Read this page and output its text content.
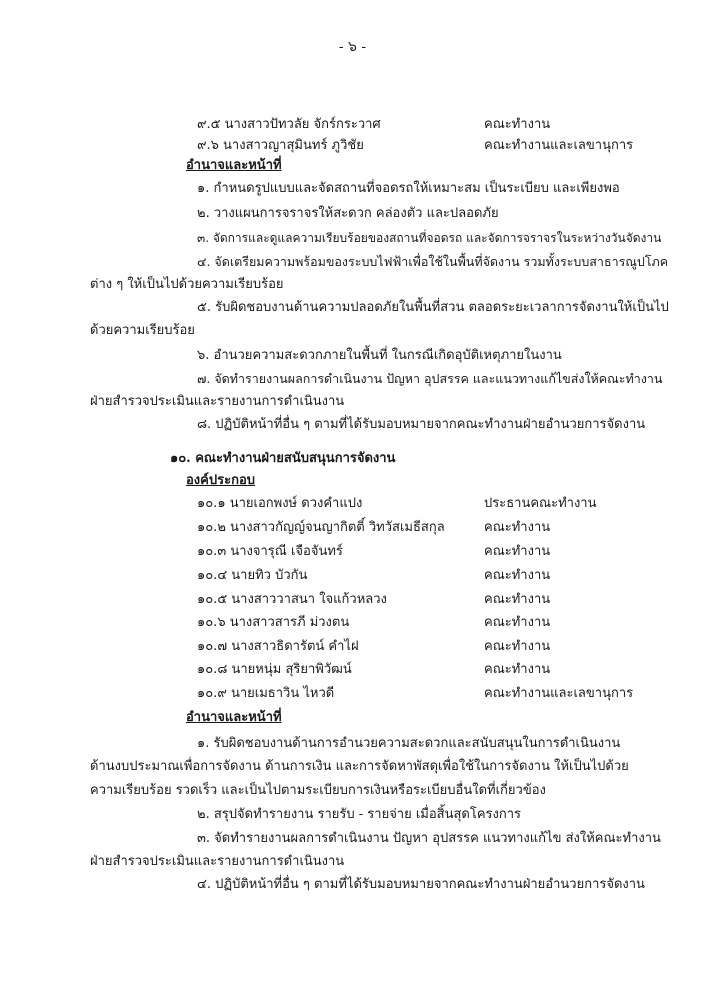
- ๖ -
๙.๕ นางสาวปัทวลัย จักร์กระวาศ	คณะทำงาน
๙.๖ นางสาวญาสุมินทร์ ภูวิชัย	คณะทำงานและเลขานุการ
อำนาจและหน้าที่
๑. กำหนดรูปแบบและจัดสถานที่จอดรถให้เหมาะสม เป็นระเบียบ และเพียงพอ
๒. วางแผนการจราจรให้สะดวก คล่องตัว และปลอดภัย
๓. จัดการและดูแลความเรียบร้อยของสถานที่จอดรถ และจัดการจราจรในระหว่างวันจัดงาน
๔. จัดเตรียมความพร้อมของระบบไฟฟ้าเพื่อใช้ในพื้นที่จัดงาน รวมทั้งระบบสาธารณูปโภค
ต่าง ๆ ให้เป็นไปด้วยความเรียบร้อย
๕. รับผิดชอบงานด้านความปลอดภัยในพื้นที่สวน ตลอดระยะเวลาการจัดงานให้เป็นไป
ด้วยความเรียบร้อย
๖. อำนวยความสะดวกภายในพื้นที่ ในกรณีเกิดอุบัติเหตุภายในงาน
๗. จัดทำรายงานผลการดำเนินงาน ปัญหา อุปสรรค และแนวทางแก้ไขส่งให้คณะทำงาน
ฝ่ายสำรวจประเมินและรายงานการดำเนินงาน
๘. ปฏิบัติหน้าที่อื่น ๆ ตามที่ได้รับมอบหมายจากคณะทำงานฝ่ายอำนวยการจัดงาน
๑๐. คณะทำงานฝ่ายสนับสนุนการจัดงาน
องค์ประกอบ
๑๐.๑ นายเอกพงษ์ ดวงคำแปง	ประธานคณะทำงาน
๑๐.๒ นางสาวกัญญ์จนญากิตติ์ วิทวัสเมธีสกุล	คณะทำงาน
๑๐.๓ นางจารุณี เจือจันทร์	คณะทำงาน
๑๐.๔ นายทิว บัวกัน	คณะทำงาน
๑๐.๕ นางสาววาสนา ใจแก้วหลวง	คณะทำงาน
๑๐.๖ นางสาวสารภี ม่วงตน	คณะทำงาน
๑๐.๗ นางสาวธิดารัตน์ คำไฝ	คณะทำงาน
๑๐.๘ นายหนุ่ม สุริยาพิวัฒน์	คณะทำงาน
๑๐.๙ นายเมธาวิน ไหวดี	คณะทำงานและเลขานุการ
อำนาจและหน้าที่
๑. รับผิดชอบงานด้านการอำนวยความสะดวกและสนับสนุนในการดำเนินงาน
ด้านงบประมาณเพื่อการจัดงาน ด้านการเงิน และการจัดหาพัสดุเพื่อใช้ในการจัดงาน ให้เป็นไปด้วย
ความเรียบร้อย รวดเร็ว และเป็นไปตามระเบียบการเงินหรือระเบียบอื่นใดที่เกี่ยวข้อง
๒. สรุปจัดทำรายงาน รายรับ - รายจ่าย เมื่อสิ้นสุดโครงการ
๓. จัดทำรายงานผลการดำเนินงาน ปัญหา อุปสรรค แนวทางแก้ไข ส่งให้คณะทำงาน
ฝ่ายสำรวจประเมินและรายงานการดำเนินงาน
๔. ปฏิบัติหน้าที่อื่น ๆ ตามที่ได้รับมอบหมายจากคณะทำงานฝ่ายอำนวยการจัดงาน
